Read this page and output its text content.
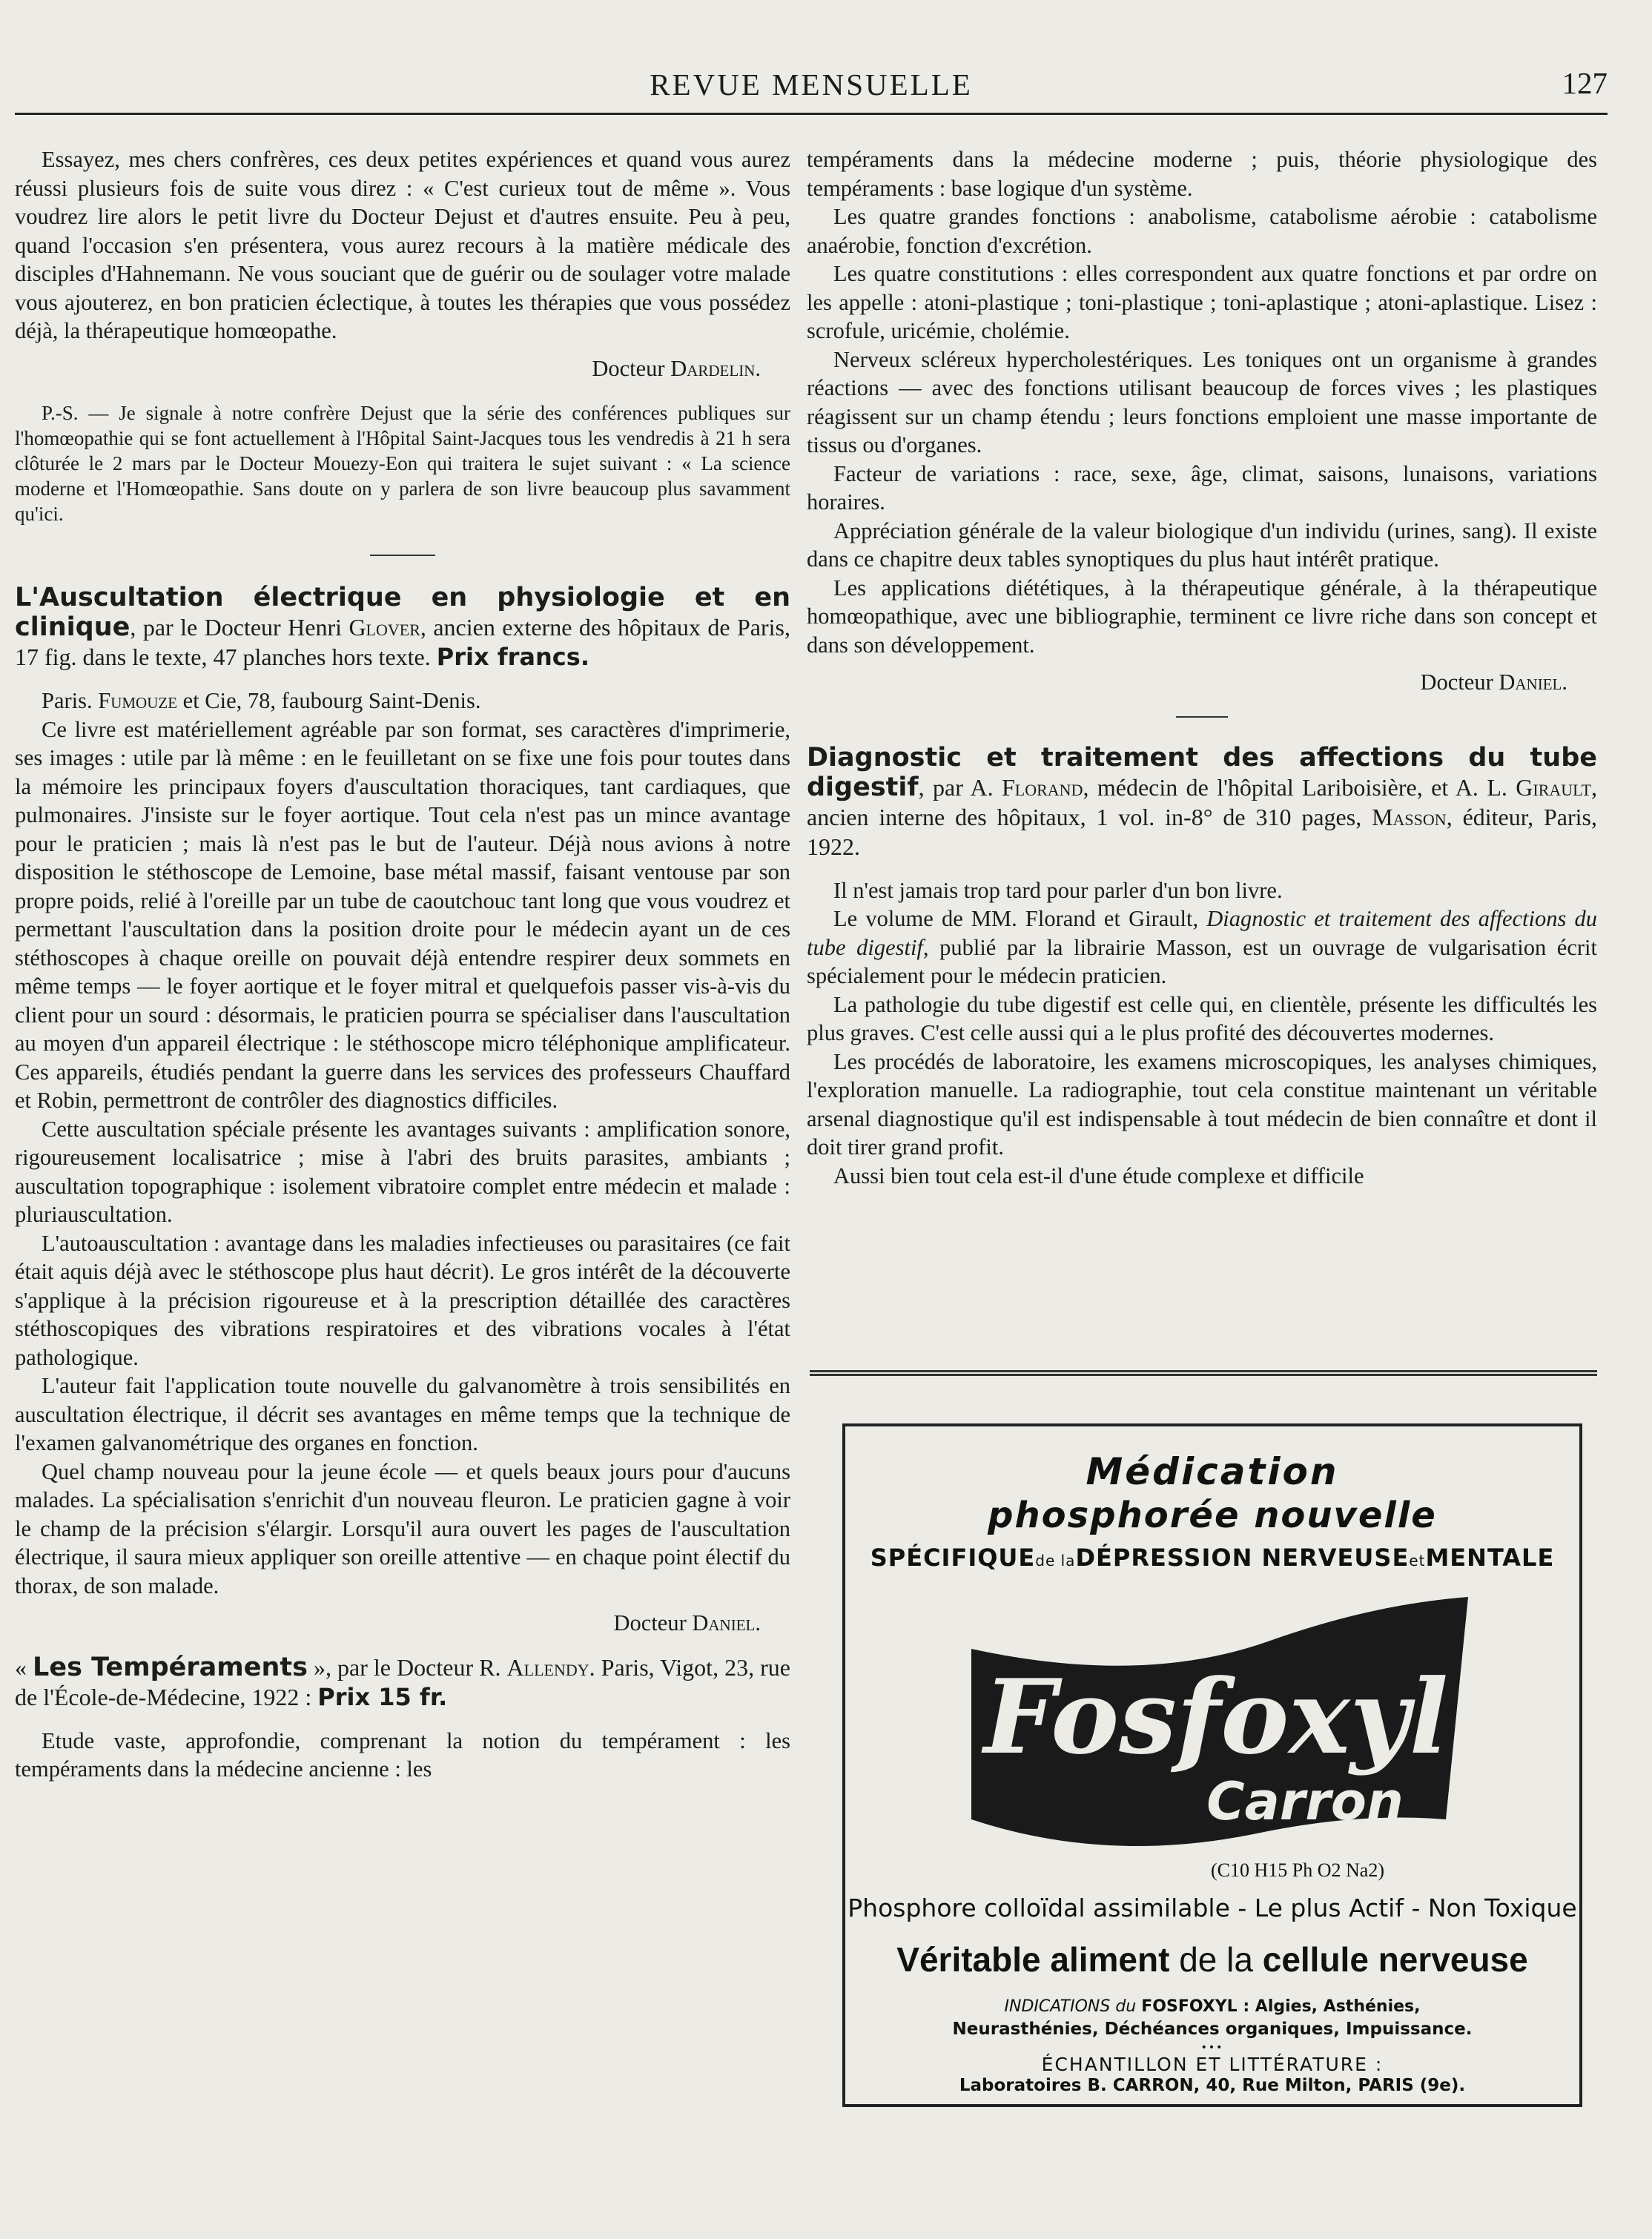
REVUE MENSUELLE	127

Essayez, mes chers confrères, ces deux petites expériences et quand vous aurez réussi plusieurs fois de suite vous direz : « C'est curieux tout de même ». Vous voudrez lire alors le petit livre du Docteur Dejust et d'autres ensuite. Peu à peu, quand l'occasion s'en présentera, vous aurez recours à la matière médicale des disciples d'Hahnemann. Ne vous souciant que de guérir ou de soulager votre malade vous ajouterez, en bon praticien éclectique, à toutes les thérapies que vous possédez déjà, la thérapeutique homœopathe.

Docteur Dardelin.

P.-S. — Je signale à notre confrère Dejust que la série des conférences publiques sur l'homœopathie qui se font actuellement à l'Hôpital Saint-Jacques tous les vendredis à 21 h sera clôturée le 2 mars par le Docteur Mouezy-Eon qui traitera le sujet suivant : « La science moderne et l'Homœopathie. Sans doute on y parlera de son livre beaucoup plus savamment qu'ici.

L'Auscultation électrique en physiologie et en clinique, par le Docteur Henri Glover, ancien externe des hôpitaux de Paris, 17 fig. dans le texte, 47 planches hors texte. Prix francs.

Paris. Fumouze et Cie, 78, faubourg Saint-Denis.

Ce livre est matériellement agréable par son format, ses caractères d'imprimerie, ses images : utile par là même : en le feuilletant on se fixe une fois pour toutes dans la mémoire les principaux foyers d'auscultation thoraciques, tant cardiaques, que pulmonaires. J'insiste sur le foyer aortique. Tout cela n'est pas un mince avantage pour le praticien ; mais là n'est pas le but de l'auteur. Déjà nous avions à notre disposition le stéthoscope de Lemoine, base métal massif, faisant ventouse par son propre poids, relié à l'oreille par un tube de caoutchouc tant long que vous voudrez et permettant l'auscultation dans la position droite pour le médecin ayant un de ces stéthoscopes à chaque oreille on pouvait déjà entendre respirer deux sommets en même temps — le foyer aortique et le foyer mitral et quelquefois passer vis-à-vis du client pour un sourd : désormais, le praticien pourra se spécialiser dans l'auscultation au moyen d'un appareil électrique : le stéthoscope micro téléphonique amplificateur. Ces appareils, étudiés pendant la guerre dans les services des professeurs Chauffard et Robin, permettront de contrôler des diagnostics difficiles.

Cette auscultation spéciale présente les avantages suivants : amplification sonore, rigoureusement localisatrice ; mise à l'abri des bruits parasites, ambiants ; auscultation topographique : isolement vibratoire complet entre médecin et malade : pluriauscultation.

L'autoauscultation : avantage dans les maladies infectieuses ou parasitaires (ce fait était aquis déjà avec le stéthoscope plus haut décrit). Le gros intérêt de la découverte s'applique à la précision rigoureuse et à la prescription détaillée des caractères stéthoscopiques des vibrations respiratoires et des vibrations vocales à l'état pathologique.

L'auteur fait l'application toute nouvelle du galvanomètre à trois sensibilités en auscultation électrique, il décrit ses avantages en même temps que la technique de l'examen galvanométrique des organes en fonction.

Quel champ nouveau pour la jeune école — et quels beaux jours pour d'aucuns malades. La spécialisation s'enrichit d'un nouveau fleuron. Le praticien gagne à voir le champ de la précision s'élargir. Lorsqu'il aura ouvert les pages de l'auscultation électrique, il saura mieux appliquer son oreille attentive — en chaque point électif du thorax, de son malade.

Docteur Daniel.

« Les Tempéraments », par le Docteur R. Allendy. Paris, Vigot, 23, rue de l'École-de-Médecine, 1922 : Prix 15 fr.

Etude vaste, approfondie, comprenant la notion du tempérament : les tempéraments dans la médecine ancienne : les

tempéraments dans la médecine moderne ; puis, théorie physiologique des tempéraments : base logique d'un système.

Les quatre grandes fonctions : anabolisme, catabolisme aérobie : catabolisme anaérobie, fonction d'excrétion.

Les quatre constitutions : elles correspondent aux quatre fonctions et par ordre on les appelle : atoni-plastique ; toni-plastique ; toni-aplastique ; atoni-aplastique. Lisez : scrofule, uricémie, cholémie.

Nerveux scléreux hypercholestériques. Les toniques ont un organisme à grandes réactions — avec des fonctions utilisant beaucoup de forces vives ; les plastiques réagissent sur un champ étendu ; leurs fonctions emploient une masse importante de tissus ou d'organes.

Facteur de variations : race, sexe, âge, climat, saisons, lunaisons, variations horaires.

Appréciation générale de la valeur biologique d'un individu (urines, sang). Il existe dans ce chapitre deux tables synoptiques du plus haut intérêt pratique.

Les applications diététiques, à la thérapeutique générale, à la thérapeutique homœopathique, avec une bibliographie, terminent ce livre riche dans son concept et dans son développement.

Docteur Daniel.

Diagnostic et traitement des affections du tube digestif, par A. Florand, médecin de l'hôpital Lariboisière, et A. L. Girault, ancien interne des hôpitaux, 1 vol. in-8° de 310 pages, Masson, éditeur, Paris, 1922.

Il n'est jamais trop tard pour parler d'un bon livre.

Le volume de MM. Florand et Girault, Diagnostic et traitement des affections du tube digestif, publié par la librairie Masson, est un ouvrage de vulgarisation écrit spécialement pour le médecin praticien.

La pathologie du tube digestif est celle qui, en clientèle, présente les difficultés les plus graves. C'est celle aussi qui a le plus profité des découvertes modernes.

Les procédés de laboratoire, les examens microscopiques, les analyses chimiques, l'exploration manuelle. La radiographie, tout cela constitue maintenant un véritable arsenal diagnostique qu'il est indispensable à tout médecin de bien connaître et dont il doit tirer grand profit.

Aussi bien tout cela est-il d'une étude complexe et difficile

Médication
phosphorée nouvelle
SPÉCIFIQUEde laDÉPRESSION NERVEUSEetMENTALE
Fosfoxyl
Carron
(C10 H15 Ph O2 Na2)
Phosphore colloïdal assimilable - Le plus Actif - Non Toxique
Véritable aliment de la cellule nerveuse
INDICATIONS du FOSFOXYL : Algies, Asthénies,
Neurasthénies, Déchéances organiques, Impuissance.
•••
ÉCHANTILLON ET LITTÉRATURE :
Laboratoires B. CARRON, 40, Rue Milton, PARIS (9e).
